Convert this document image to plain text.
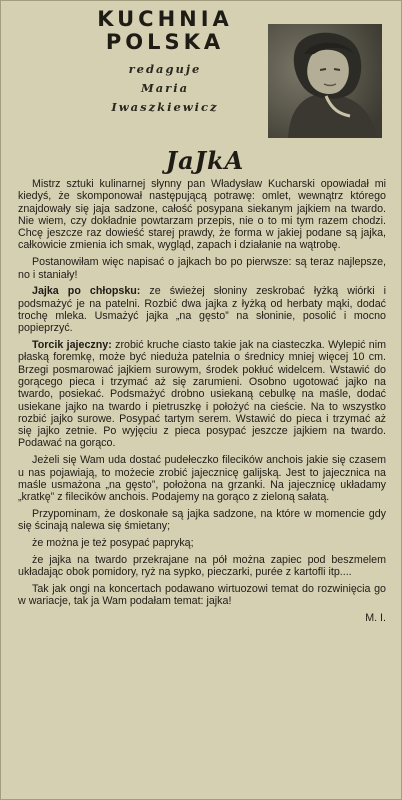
KUCHNIA
POLSKA
redaguje
Maria
Iwaszkiewicz
JaJkA

Mistrz sztuki kulinarnej słynny pan Władysław Kucharski opowiadał mi kiedyś, że skomponował następującą potrawę: omlet, wewnątrz którego znajdowały się jaja sadzone, całość posypana siekanym jajkiem na twardo. Nie wiem, czy dokładnie powtarzam przepis, nie o to mi tym razem chodzi. Chcę jeszcze raz dowieść starej prawdy, że forma w jakiej podane są jajka, całkowicie zmienia ich smak, wygląd, zapach i działanie na wątrobę.

Postanowiłam więc napisać o jajkach bo po pierwsze: są teraz najlepsze, no i staniały!

Jajka po chłopsku: ze świeżej słoniny zeskrobać łyżką wiórki i podsmażyć je na patelni. Rozbić dwa jajka z łyżką od herbaty mąki, dodać trochę mleka. Usmażyć jajka „na gęsto” na słoninie, posolić i mocno popieprzyć.

Torcik jajeczny: zrobić kruche ciasto takie jak na ciasteczka. Wylepić nim płaską foremkę, może być nieduża patelnia o średnicy mniej więcej 10 cm. Brzegi posmarować jajkiem surowym, środek pokłuć widelcem. Wstawić do gorącego pieca i trzymać aż się zarumieni. Osobno ugotować jajko na twardo, posiekać. Podsmażyć drobno usiekaną cebulkę na maśle, dodać usiekane jajko na twardo i pietruszkę i położyć na cieście. Na to wszystko rozbić jajko surowe. Posypać tartym serem. Wstawić do pieca i trzymać aż się jajko zetnie. Po wyjęciu z pieca posypać jeszcze jajkiem na twardo. Podawać na gorąco.

Jeżeli się Wam uda dostać pudełeczko filecików anchois jakie się czasem u nas pojawiają, to możecie zrobić jajecznicę galijską. Jest to jajecznica na maśle usmażona „na gęsto”, położona na grzanki. Na jajecznicę układamy „kratkę” z filecików anchois. Podajemy na gorąco z zieloną sałatą.

Przypominam, że doskonałe są jajka sadzone, na które w momencie gdy się ścinają nalewa się śmietany;

że można je też posypać papryką;

że jajka na twardo przekrajane na pół można zapiec pod beszmelem układając obok pomidory, ryż na sypko, pieczarki, purée z kartofli itp....

Tak jak ongi na koncertach podawano wirtuozowi temat do rozwinięcia go w wariacje, tak ja Wam podałam temat: jajka!

M. I.
